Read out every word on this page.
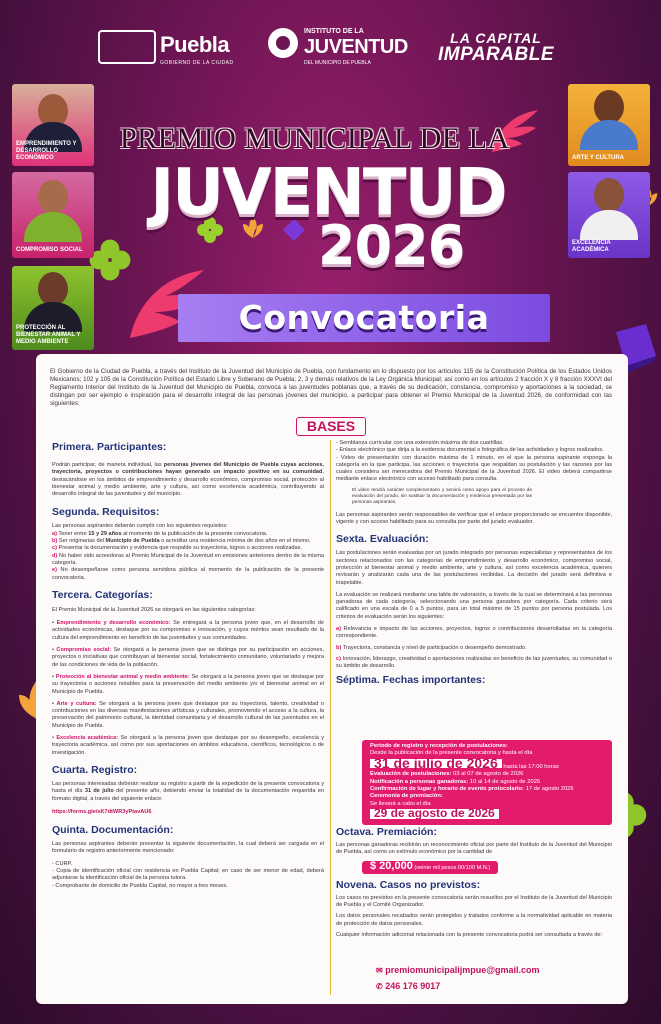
Puebla
GOBIERNO DE LA CIUDAD
INSTITUTO DE LA
JUVENTUD
DEL MUNICIPIO DE PUEBLA
LA CAPITAL
IMPARABLE
EMPRENDIMIENTO Y DESARROLLO ECONÓMICO
COMPROMISO SOCIAL
PROTECCIÓN AL BIENESTAR ANIMAL Y MEDIO AMBIENTE
ARTE Y CULTURA
EXCELENCIA ACADÉMICA
PREMIO MUNICIPAL DE LA
JUVENTUD
2026
Convocatoria
El Gobierno de la Ciudad de Puebla, a través del Instituto de la Juventud del Municipio de Puebla, con fundamento en lo dispuesto por los artículos 115 de la Constitución Política de los Estados Unidos Mexicanos; 102 y 105 de la Constitución Política del Estado Libre y Soberano de Puebla; 2, 3 y demás relativos de la Ley Orgánica Municipal; así como en los artículos 2 fracción X y 8 fracción XXXVI del Reglamento Interior del Instituto de la Juventud del Municipio de Puebla, convoca a las juventudes poblanas que, a través de su dedicación, constancia, compromiso y aportaciones a la sociedad, se distingan por ser ejemplo e inspiración para el desarrollo integral de las personas jóvenes del municipio, a participar para obtener el Premio Municipal de la Juventud 2026, de conformidad con las siguientes:
BASES
Primera. Participantes:

Podrán participar, de manera individual, las personas jóvenes del Municipio de Puebla cuyas acciones, trayectoria, proyectos o contribuciones hayan generado un impacto positivo en su comunidad, destacándose en los ámbitos de emprendimiento y desarrollo económico, compromiso social, protección al bienestar animal y medio ambiente, arte y cultura, así como excelencia académica, contribuyendo al desarrollo integral de las juventudes y del municipio.

Segunda. Requisitos:

Las personas aspirantes deberán cumplir con los siguientes requisitos:

a) Tener entre 15 y 29 años al momento de la publicación de la presente convocatoria.

b) Ser originarias del Municipio de Puebla o acreditar una residencia mínima de dos años en el mismo.

c) Presentar la documentación y evidencia que respalde su trayectoria, logros o acciones realizadas.

d) No haber sido acreedoras al Premio Municipal de la Juventud en emisiones anteriores dentro de la misma categoría.

e) No desempeñarse como persona servidora pública al momento de la publicación de la presente convocatoria.

Tercera. Categorías:

El Premio Municipal de la Juventud 2026 se otorgará en las siguientes categorías:

• Emprendimiento y desarrollo económico: Se entregará a la persona joven que, en el desarrollo de actividades económicas, destaque por su compromiso e innovación, y cuyos méritos sean resultado de la cultura del emprendimiento en beneficio de las juventudes y sus comunidades.

• Compromiso social: Se otorgará a la persona joven que se distinga por su participación en acciones, proyectos o iniciativas que contribuyan al bienestar social, fortalecimiento comunitario, voluntariado y mejora de las condiciones de vida de la población.

• Protección al bienestar animal y medio ambiente: Se otorgará a la persona joven que se destaque por su trayectoria o acciones notables para la preservación del medio ambiente y/o el bienestar animal en el Municipio de Puebla.

• Arte y cultura: Se otorgará a la persona joven que destaque por su trayectoria, talento, creatividad o contribuciones en las diversas manifestaciones artísticas y culturales, promoviendo el acceso a la cultura, la preservación del patrimonio cultural, la identidad comunitaria y el desarrollo cultural de las juventudes en el Municipio de Puebla.

• Excelencia académica: Se otorgará a la persona joven que destaque por su desempeño, excelencia y trayectoria académica, así como por sus aportaciones en ámbitos educativos, científicos, tecnológicos o de investigación.

Cuarta. Registro:

Las personas interesadas deberán realizar su registro a partir de la expedición de la presente convocatoria y hasta el día 31 de julio del presente año, debiendo enviar la totalidad de la documentación requerida en formato digital, a través del siguiente enlace:

https://forms.gle/sK7dtWR3yPtavAU6

Quinta. Documentación:

Las personas aspirantes deberán presentar la siguiente documentación, la cual deberá ser cargada en el formulario de registro anteriormente mencionado:

- CURP.

- Copia de identificación oficial con residencia en Puebla Capital; en caso de ser menor de edad, deberá adjuntarse la identificación oficial de la persona tutora.

- Comprobante de domicilio de Puebla Capital, no mayor a tres meses.

- Semblanza curricular con una extensión máxima de dos cuartillas.

- Enlace electrónico que dirija a la evidencia documental o fotográfica de las actividades y logros realizados.

- Video de presentación con duración máxima de 1 minuto, en el que la persona aspirante exponga la categoría en la que participa, las acciones o trayectoria que respaldan su postulación y las razones por las cuales considera ser merecedora del Premio Municipal de la Juventud 2026. El video deberá compartirse mediante enlace electrónico con acceso habilitado para consulta.

El video tendrá carácter complementario y servirá como apoyo para el proceso de evaluación del jurado, sin sustituir la documentación y evidencia presentada por las personas aspirantes.

Las personas aspirantes serán responsables de verificar que el enlace proporcionado se encuentre disponible, vigente y con acceso habilitado para su consulta por parte del jurado evaluador.

Sexta. Evaluación:

Las postulaciones serán evaluadas por un jurado integrado por personas especialistas y representantes de los sectores relacionados con las categorías de emprendimiento y desarrollo económico, compromiso social, protección al bienestar animal y medio ambiente, arte y cultura, así como excelencia académica, quienes revisarán y analizarán cada una de las postulaciones recibidas. La decisión del jurado será definitiva e inapelable.

La evaluación se realizará mediante una tabla de valoración, a través de la cual se determinará a las personas ganadoras de cada categoría, seleccionando una persona ganadora por categoría. Cada criterio será calificado en una escala de 0 a 5 puntos, para un total máximo de 15 puntos por persona postulada. Los criterios de evaluación serán los siguientes:

a) Relevancia e impacto de las acciones, proyectos, logros o contribuciones desarrolladas en la categoría correspondiente.

b) Trayectoria, constancia y nivel de participación o desempeño demostrado.

c) Innovación, liderazgo, creatividad o aportaciones realizadas en beneficio de las juventudes, su comunidad o su ámbito de desarrollo.

Séptima. Fechas importantes:
Periodo de registro y recepción de postulaciones:
Desde la publicación de la presente convocatoria y hasta el día
31 de julio de 2026 hasta las 17:00 horas
Evaluación de postulaciones: 03 al 07 de agosto de 2026
Notificación a personas ganadoras: 10 al 14 de agosto de 2026
Confirmación de lugar y horario de evento protocolario: 17 de agosto 2026
Ceremonia de premiación:
Se llevará a cabo el día
29 de agosto de 2026
Octava. Premiación:

Las personas ganadoras recibirán un reconocimiento oficial por parte del Instituto de la Juventud del Municipio de Puebla, así como un estímulo económico por la cantidad de

$ 20,000 (veinte mil pesos 00/100 M.N.)
Novena. Casos no previstos:

Los casos no previstos en la presente convocatoria serán resueltos por el Instituto de la Juventud del Municipio de Puebla y el Comité Organizador.

Los datos personales recabados serán protegidos y tratados conforme a la normatividad aplicable en materia de protección de datos personales.

Cualquier información adicional relacionada con la presente convocatoria podrá ser consultada a través de:

✉ premiomunicipalijmpue@gmail.com
✆ 246 176 9017
